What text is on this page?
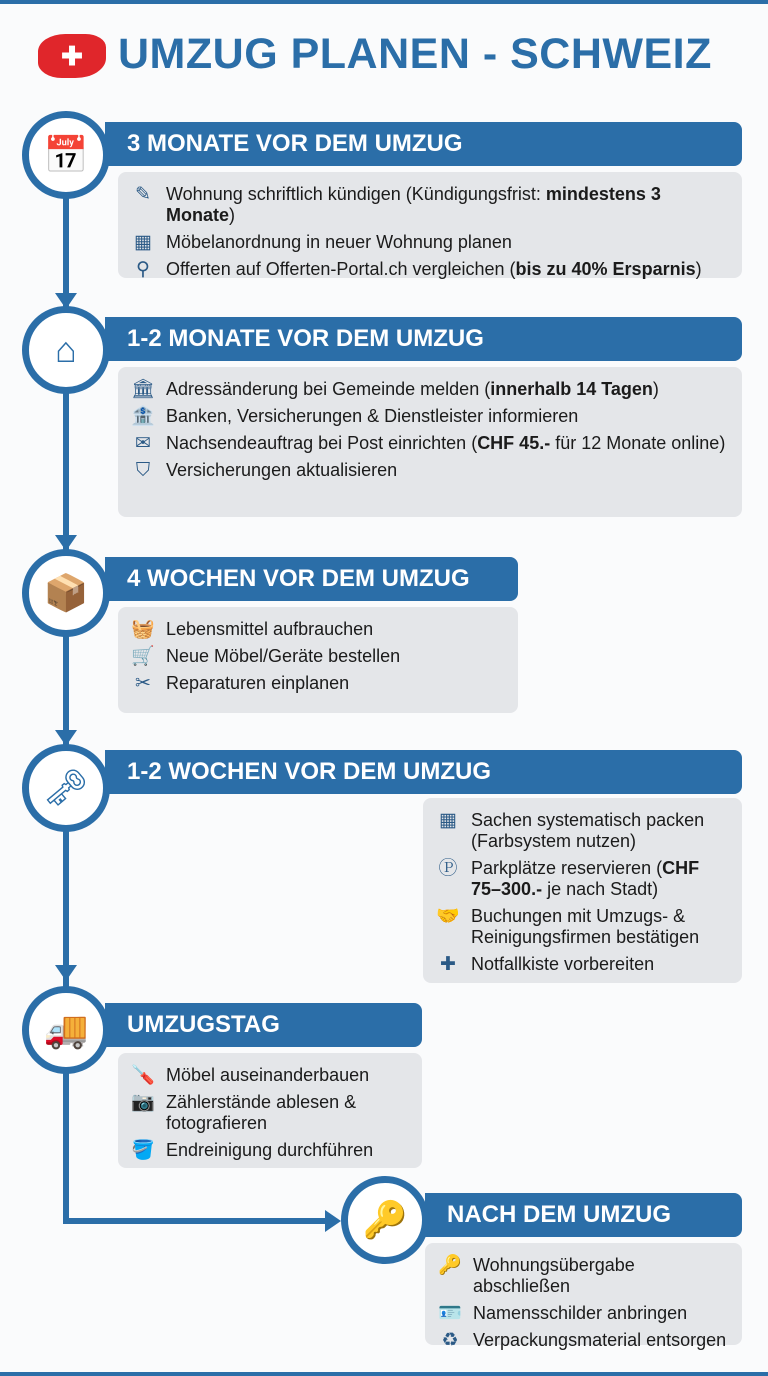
✚ UMZUG PLANEN - SCHWEIZ
3 MONATE VOR DEM UMZUG
📅
✎ Wohnung schriftlich kündigen (Kündigungsfrist: mindestens 3 Monate)
▦ Möbelanordnung in neuer Wohnung planen
⚲ Offerten auf Offerten-Portal.ch vergleichen (bis zu 40% Ersparnis)
1-2 MONATE VOR DEM UMZUG
⌂
🏛 Adressänderung bei Gemeinde melden (innerhalb 14 Tagen)
🏦 Banken, Versicherungen & Dienstleister informieren
✉ Nachsendeauftrag bei Post einrichten (CHF 45.- für 12 Monate online)
⛉ Versicherungen aktualisieren
4 WOCHEN VOR DEM UMZUG
📦
🧺 Lebensmittel aufbrauchen
🛒 Neue Möbel/Geräte bestellen
✂ Reparaturen einplanen
1-2 WOCHEN VOR DEM UMZUG
🗝
▦ Sachen systematisch packen (Farbsystem nutzen)
Ⓟ Parkplätze reservieren (CHF 75–300.- je nach Stadt)
🤝 Buchungen mit Umzugs- & Reinigungsfirmen bestätigen
✚ Notfallkiste vorbereiten
UMZUGSTAG
🚚
🪛 Möbel auseinanderbauen
📷 Zählerstände ablesen & fotografieren
🪣 Endreinigung durchführen
NACH DEM UMZUG
🔑
🔑 Wohnungsübergabe abschließen
🪪 Namensschilder anbringen
♻ Verpackungsmaterial entsorgen
